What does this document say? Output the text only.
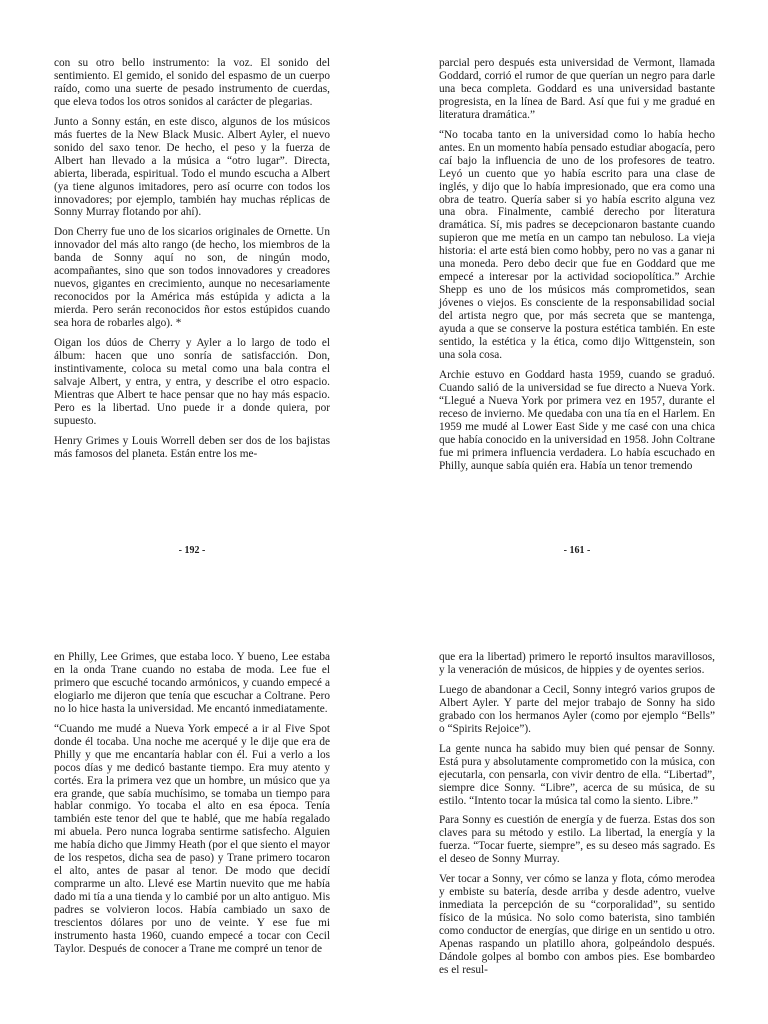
con su otro bello instrumento: la voz. El sonido del sentimiento. El gemido, el sonido del espasmo de un cuerpo raído, como una suerte de pesado instrumento de cuerdas, que eleva todos los otros sonidos al carácter de plegarias.

Junto a Sonny están, en este disco, algunos de los músicos más fuertes de la New Black Music. Albert Ayler, el nuevo sonido del saxo tenor. De hecho, el peso y la fuerza de Albert han llevado a la música a “otro lugar”. Directa, abierta, liberada, espiritual. Todo el mundo escucha a Albert (ya tiene algunos imitadores, pero así ocurre con todos los innovadores; por ejemplo, también hay muchas réplicas de Sonny Murray flotando por ahí).

Don Cherry fue uno de los sicarios originales de Ornette. Un innovador del más alto rango (de hecho, los miembros de la banda de Sonny aquí no son, de ningún modo, acompañantes, sino que son todos innovadores y creadores nuevos, gigantes en crecimiento, aunque no necesariamente reconocidos por la América más estúpida y adicta a la mierda. Pero serán reconocidos ñor estos estúpidos cuando sea hora de robarles algo). *

Oigan los dúos de Cherry y Ayler a lo largo de todo el álbum: hacen que uno sonría de satisfacción. Don, instintivamente, coloca su metal como una bala contra el salvaje Albert, y entra, y entra, y describe el otro espacio. Mientras que Albert te hace pensar que no hay más espacio. Pero es la libertad. Uno puede ir a donde quiera, por supuesto.

Henry Grimes y Louis Worrell deben ser dos de los bajistas más famosos del planeta. Están entre los me-

- 192 -

parcial pero después esta universidad de Vermont, llamada Goddard, corrió el rumor de que querían un negro para darle una beca completa. Goddard es una universidad bastante progresista, en la línea de Bard. Así que fui y me gradué en literatura dramática.”

“No tocaba tanto en la universidad como lo había hecho antes. En un momento había pensado estudiar abogacía, pero caí bajo la influencia de uno de los profesores de teatro. Leyó un cuento que yo había escrito para una clase de inglés, y dijo que lo había impresionado, que era como una obra de teatro. Quería saber si yo había escrito alguna vez una obra. Finalmente, cambié derecho por literatura dramática. Sí, mis padres se decepcionaron bastante cuando supieron que me metía en un campo tan nebuloso. La vieja historia: el arte está bien como hobby, pero no vas a ganar ni una moneda. Pero debo decir que fue en Goddard que me empecé a interesar por la actividad sociopolítica.” Archie Shepp es uno de los músicos más comprometidos, sean jóvenes o viejos. Es consciente de la responsabilidad social del artista negro que, por más secreta que se mantenga, ayuda a que se conserve la postura estética también. En este sentido, la estética y la ética, como dijo Wittgenstein, son una sola cosa.

Archie estuvo en Goddard hasta 1959, cuando se graduó. Cuando salió de la universidad se fue directo a Nueva York. “Llegué a Nueva York por primera vez en 1957, durante el receso de invierno. Me quedaba con una tía en el Harlem. En 1959 me mudé al Lower East Side y me casé con una chica que había conocido en la universidad en 1958. John Coltrane fue mi primera influencia verdadera. Lo había escuchado en Philly, aunque sabía quién era. Había un tenor tremendo

- 161 -

en Philly, Lee Grimes, que estaba loco. Y bueno, Lee estaba en la onda Trane cuando no estaba de moda. Lee fue el primero que escuché tocando armónicos, y cuando empecé a elogiarlo me dijeron que tenía que escuchar a Coltrane. Pero no lo hice hasta la universidad. Me encantó inmediatamente.

“Cuando me mudé a Nueva York empecé a ir al Five Spot donde él tocaba. Una noche me acerqué y le dije que era de Philly y que me encantaría hablar con él. Fui a verlo a los pocos días y me dedicó bastante tiempo. Era muy atento y cortés. Era la primera vez que un hombre, un músico que ya era grande, que sabía muchísimo, se tomaba un tiempo para hablar conmigo. Yo tocaba el alto en esa época. Tenía también este tenor del que te hablé, que me había regalado mi abuela. Pero nunca lograba sentirme satisfecho. Alguien me había dicho que Jimmy Heath (por el que siento el mayor de los respetos, dicha sea de paso) y Trane primero tocaron el alto, antes de pasar al tenor. De modo que decidí comprarme un alto. Llevé ese Martin nuevito que me había dado mi tía a una tienda y lo cambié por un alto antiguo. Mis padres se volvieron locos. Había cambiado un saxo de trescientos dólares por uno de veinte. Y ese fue mi instrumento hasta 1960, cuando empecé a tocar con Cecil Taylor. Después de conocer a Trane me compré un tenor de

que era la libertad) primero le reportó insultos maravillosos, y la veneración de músicos, de hippies y de oyentes serios.

Luego de abandonar a Cecil, Sonny integró varios grupos de Albert Ayler. Y parte del mejor trabajo de Sonny ha sido grabado con los hermanos Ayler (como por ejemplo “Bells” o “Spirits Rejoice”).

La gente nunca ha sabido muy bien qué pensar de Sonny. Está pura y absolutamente comprometido con la música, con ejecutarla, con pensarla, con vivir dentro de ella. “Libertad”, siempre dice Sonny. “Libre”, acerca de su música, de su estilo. “Intento tocar la música tal como la siento. Libre.”

Para Sonny es cuestión de energía y de fuerza. Estas dos son claves para su método y estilo. La libertad, la energía y la fuerza. “Tocar fuerte, siempre”, es su deseo más sagrado. Es el deseo de Sonny Murray.

Ver tocar a Sonny, ver cómo se lanza y flota, cómo merodea y embiste su batería, desde arriba y desde adentro, vuelve inmediata la percepción de su “corporalidad”, su sentido físico de la música. No solo como baterista, sino también como conductor de energías, que dirige en un sentido u otro. Apenas raspando un platillo ahora, golpeándolo después. Dándole golpes al bombo con ambos pies. Ese bombardeo es el resul-
